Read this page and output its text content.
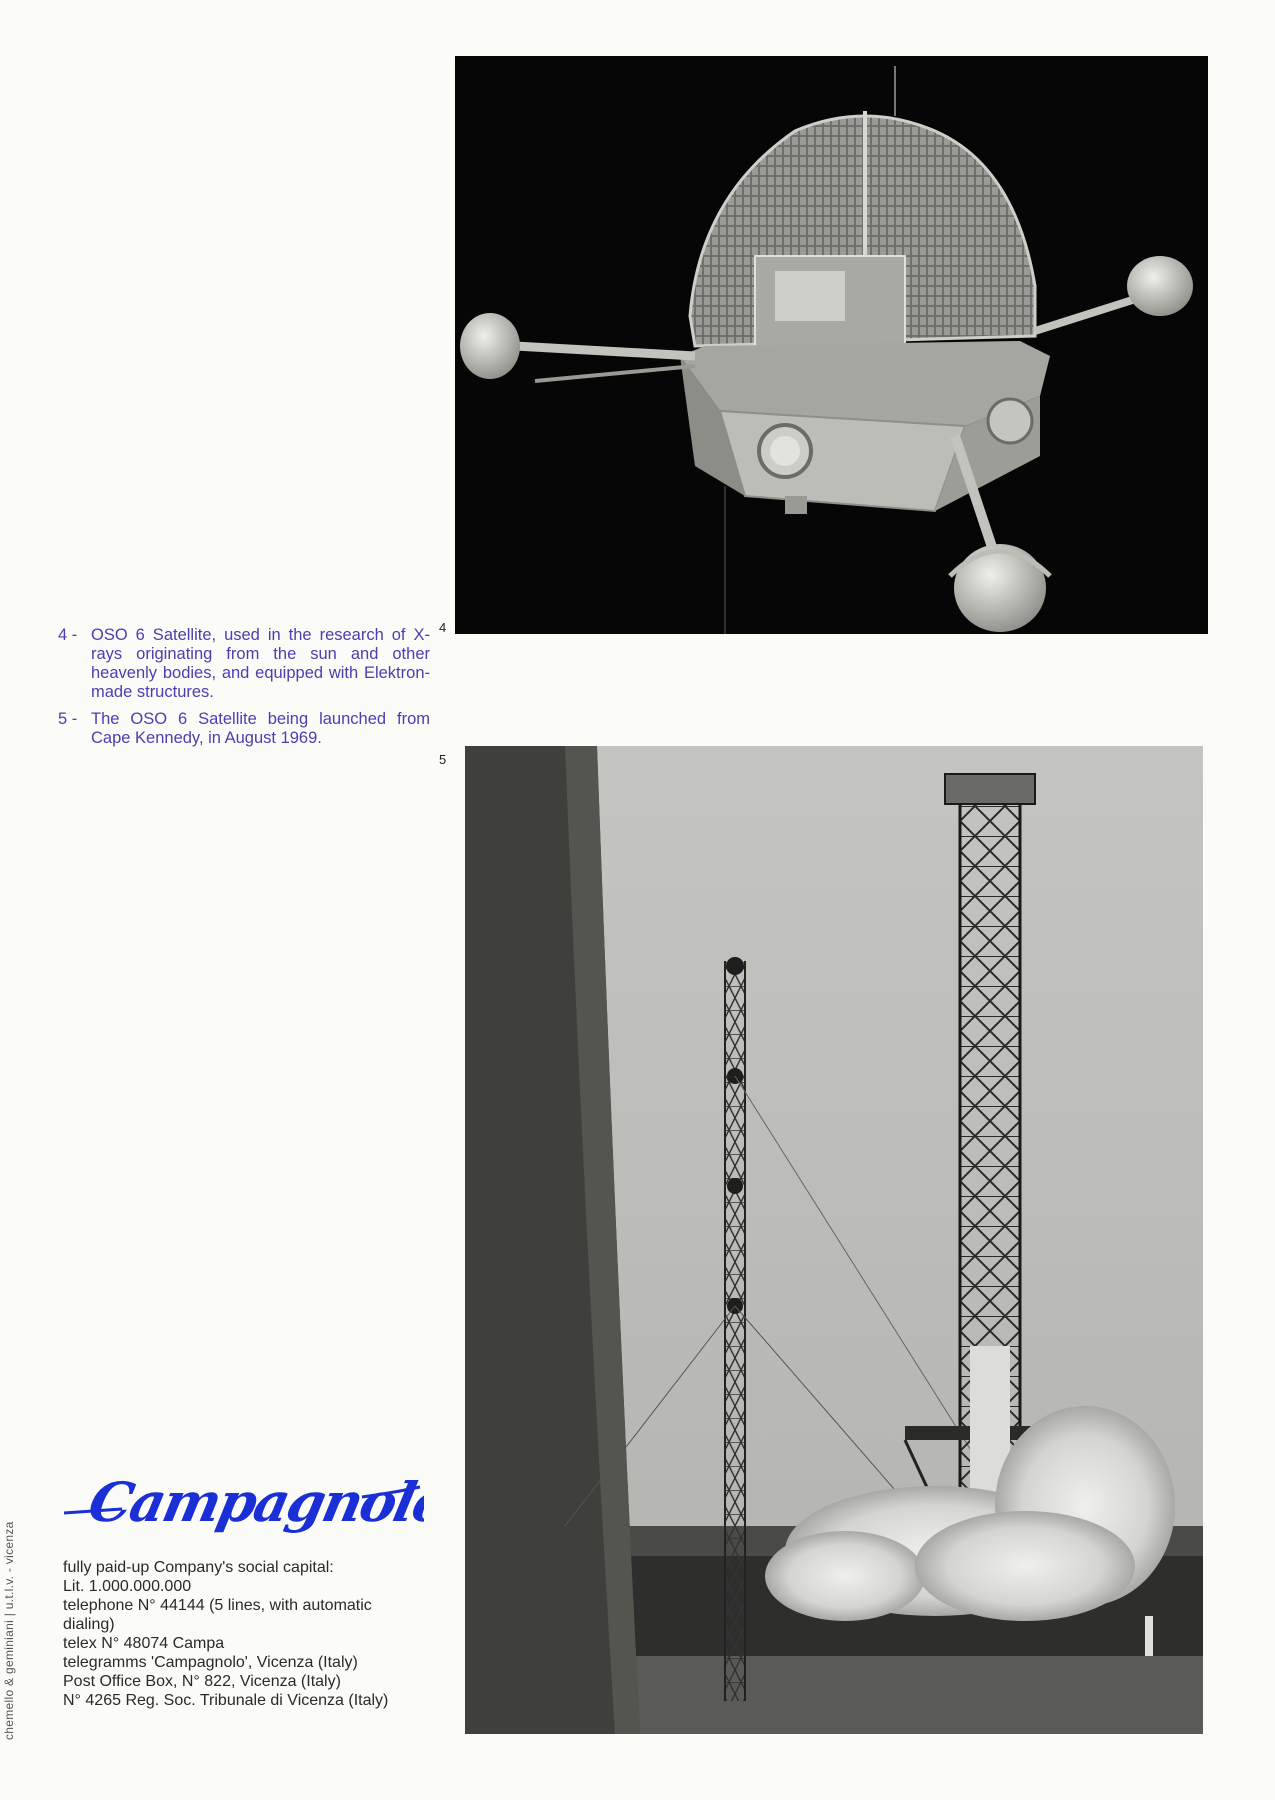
4
5
4 - OSO 6 Satellite, used in the research of X-rays originating from the sun and other heavenly bodies, and equipped with Elektron-made structures.
5 - The OSO 6 Satellite being launched from Cape Kennedy, in August 1969.
chemello & geminiani | u.t.l.v. - vicenza
Campagnolo
fully paid-up Company's social capital:
Lit. 1.000.000.000
telephone N° 44144 (5 lines, with automatic dialing)
telex N° 48074 Campa
telegramms 'Campagnolo', Vicenza (Italy)
Post Office Box, N° 822, Vicenza (Italy)
N° 4265 Reg. Soc. Tribunale di Vicenza (Italy)
